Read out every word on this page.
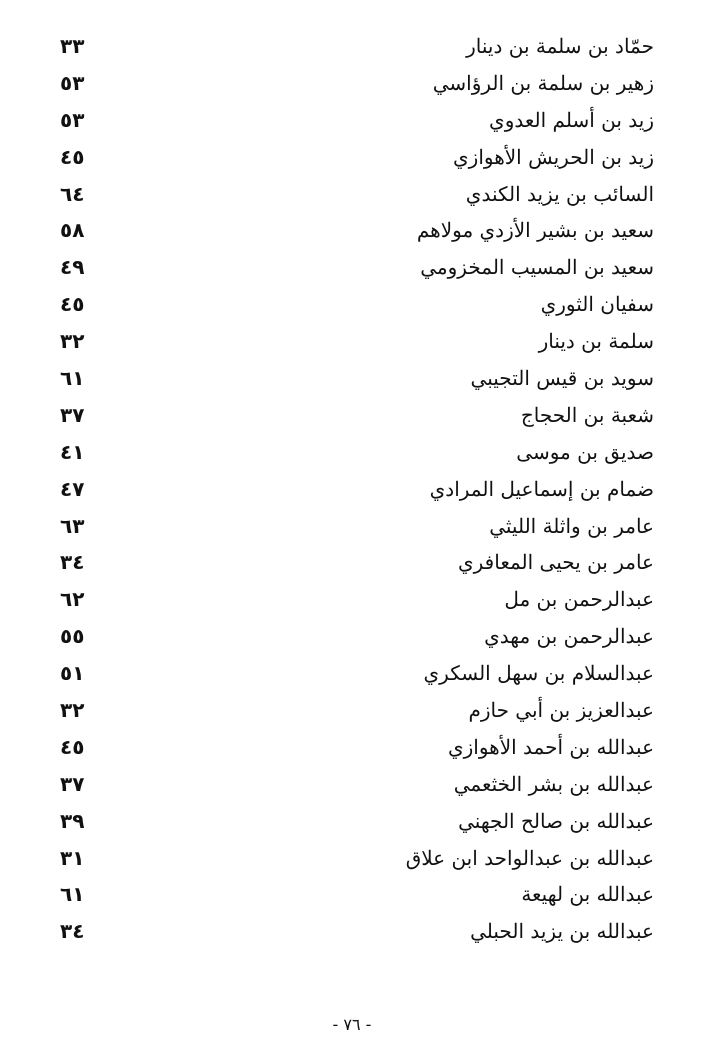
حمّاد بن سلمة بن دينار
٣٣
زهير بن سلمة بن الرؤاسي
٥٣
زيد بن أسلم العدوي
٥٣
زيد بن الحريش الأهوازي
٤٥
السائب بن يزيد الكندي
٦٤
سعيد بن بشير الأزدي مولاهم
٥٨
سعيد بن المسيب المخزومي
٤٩
سفيان الثوري
٤٥
سلمة بن دينار
٣٢
سويد بن قيس التجيبي
٦١
شعبة بن الحجاج
٣٧
صديق بن موسى
٤١
ضمام بن إسماعيل المرادي
٤٧
عامر بن واثلة الليثي
٦٣
عامر بن يحيى المعافري
٣٤
عبدالرحمن بن مل
٦٢
عبدالرحمن بن مهدي
٥٥
عبدالسلام بن سهل السكري
٥١
عبدالعزيز بن أبي حازم
٣٢
عبدالله بن أحمد الأهوازي
٤٥
عبدالله بن بشر الخثعمي
٣٧
عبدالله بن صالح الجهني
٣٩
عبدالله بن عبدالواحد ابن علاق
٣١
عبدالله بن لهيعة
٦١
عبدالله بن يزيد الحبلي
٣٤
- ٧٦ -
